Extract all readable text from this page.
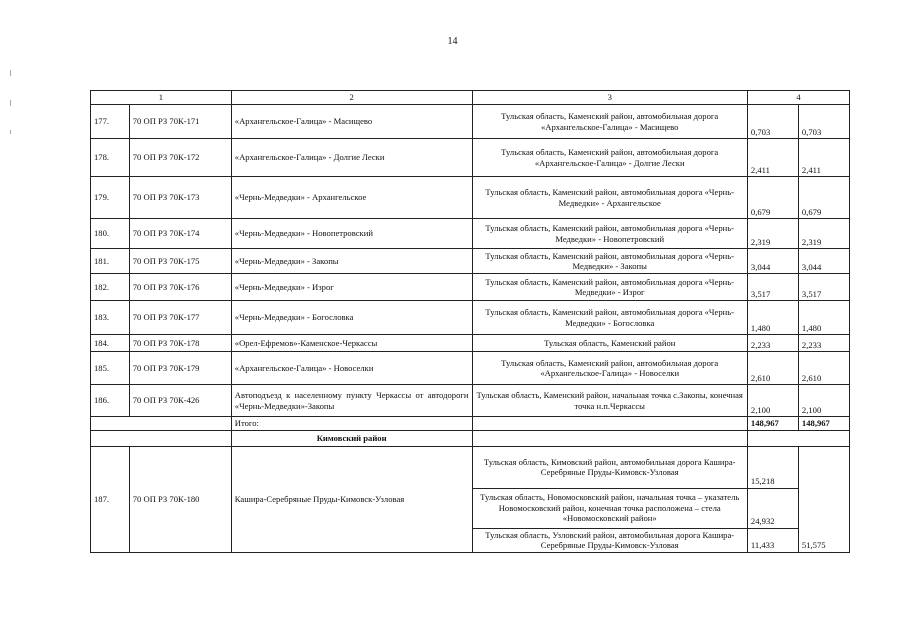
14
1		2	3	4	
177.	70 ОП РЗ 70К-171	«Архангельское-Галица» - Масищево	Тульская область, Каменский район, автомобильная дорога «Архангельское-Галица» - Масищево	0,703	0,703
178.	70 ОП РЗ 70К-172	«Архангельское-Галица» - Долгие Лески	Тульская область, Каменский район, автомобильная дорога «Архангельское-Галица» - Долгие Лески	2,411	2,411
179.	70 ОП РЗ 70К-173	«Чернь-Медведки» - Архангельское	Тульская область, Каменский район, автомобильная дорога «Чернь-Медведки» - Архангельское	0,679	0,679
180.	70 ОП РЗ 70К-174	«Чернь-Медведки» - Новопетровский	Тульская область, Каменский район, автомобильная дорога «Чернь-Медведки» - Новопетровский	2,319	2,319
181.	70 ОП РЗ 70К-175	«Чернь-Медведки» - Закопы	Тульская область, Каменский район, автомобильная дорога «Чернь-Медведки» - Закопы	3,044	3,044
182.	70 ОП РЗ 70К-176	«Чернь-Медведки» - Изрог	Тульская область, Каменский район, автомобильная дорога «Чернь-Медведки» - Изрог	3,517	3,517
183.	70 ОП РЗ 70К-177	«Чернь-Медведки» - Богословка	Тульская область, Каменский район, автомобильная дорога «Чернь-Медведки» - Богословка	1,480	1,480
184.	70 ОП РЗ 70К-178	«Орел-Ефремов»-Каменское-Черкассы	Тульская область, Каменский район	2,233	2,233
185.	70 ОП РЗ 70К-179	«Архангельское-Галица» - Новоселки	Тульская область, Каменский район, автомобильная дорога «Архангельское-Галица» - Новоселки	2,610	2,610
186.	70 ОП РЗ 70К-426	Автоподъезд к населенному пункту Черкассы от автодороги «Чернь-Медведки»-Закопы	Тульская область, Каменский район, начальная точка с.Закопы, конечная точка н.п.Черкассы	2,100	2,100
		Итого:		148,967	148,967
		Кимовский район			
187.	70 ОП РЗ 70К-180	Кашира-Серебряные Пруды-Кимовск-Узловая	Тульская область, Кимовский район, автомобильная дорога Кашира-Серебряные Пруды-Кимовск-Узловая	15,218	51,575
			Тульская область, Новомосковский район, начальная точка – указатель Новомосковский район, конечная точка расположена – стела «Новомосковский район»	24,932	
			Тульская область, Узловский район, автомобильная дорога Кашира-Серебряные Пруды-Кимовск-Узловая	11,433	
